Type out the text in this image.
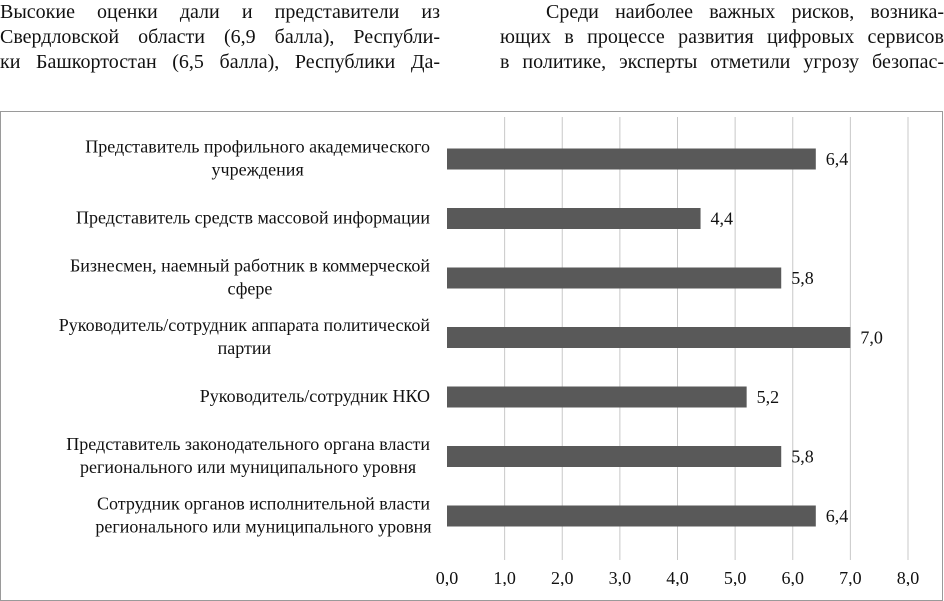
Высокие оценки дали и представители из
Свердловской области (6,9 балла), Республи-
ки Башкортостан (6,5 балла), Республики Да-
Среди наиболее важных рисков, возника-
ющих в процессе развития цифровых сервисов
в политике, эксперты отметили угрозу безопас-
Представитель профильного академического
учреждения
Представитель средств массовой информации
Бизнесмен, наемный работник в коммерческой
сфере
Руководитель/сотрудник аппарата политической
партии
Руководитель/сотрудник НКО
Представитель законодательного органа власти
регионального или муниципального уровня
Сотрудник органов исполнительной власти
регионального или муниципального уровня
6,4
4,4
5,8
7,0
5,2
5,8
6,4
0,0 1,0 2,0 3,0 4,0 5,0 6,0 7,0 8,0
